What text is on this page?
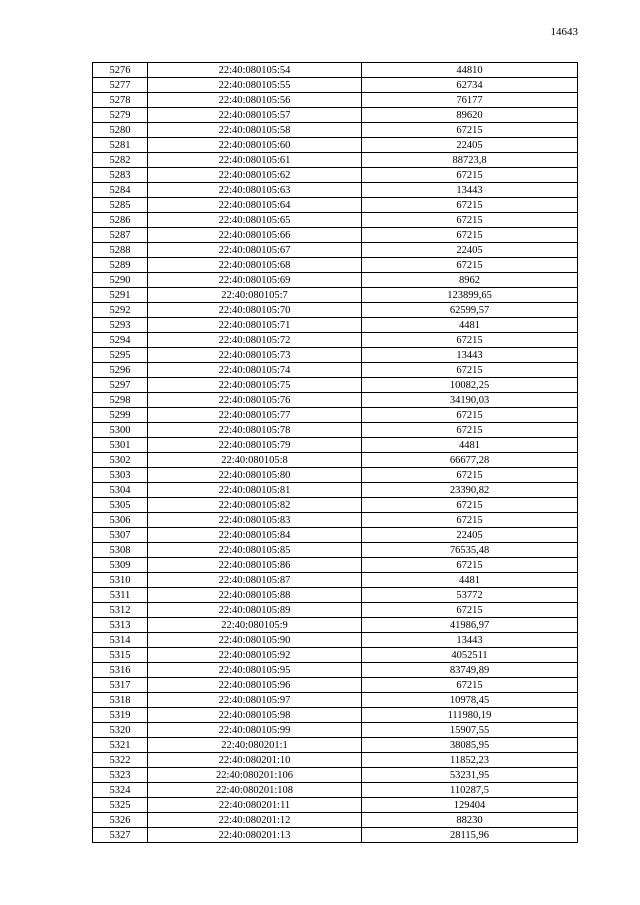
14643
5276	22:40:080105:54	44810
5277	22:40:080105:55	62734
5278	22:40:080105:56	76177
5279	22:40:080105:57	89620
5280	22:40:080105:58	67215
5281	22:40:080105:60	22405
5282	22:40:080105:61	88723,8
5283	22:40:080105:62	67215
5284	22:40:080105:63	13443
5285	22:40:080105:64	67215
5286	22:40:080105:65	67215
5287	22:40:080105:66	67215
5288	22:40:080105:67	22405
5289	22:40:080105:68	67215
5290	22:40:080105:69	8962
5291	22:40:080105:7	123899,65
5292	22:40:080105:70	62599,57
5293	22:40:080105:71	4481
5294	22:40:080105:72	67215
5295	22:40:080105:73	13443
5296	22:40:080105:74	67215
5297	22:40:080105:75	10082,25
5298	22:40:080105:76	34190,03
5299	22:40:080105:77	67215
5300	22:40:080105:78	67215
5301	22:40:080105:79	4481
5302	22:40:080105:8	66677,28
5303	22:40:080105:80	67215
5304	22:40:080105:81	23390,82
5305	22:40:080105:82	67215
5306	22:40:080105:83	67215
5307	22:40:080105:84	22405
5308	22:40:080105:85	76535,48
5309	22:40:080105:86	67215
5310	22:40:080105:87	4481
5311	22:40:080105:88	53772
5312	22:40:080105:89	67215
5313	22:40:080105:9	41986,97
5314	22:40:080105:90	13443
5315	22:40:080105:92	4052511
5316	22:40:080105:95	83749,89
5317	22:40:080105:96	67215
5318	22:40:080105:97	10978,45
5319	22:40:080105:98	111980,19
5320	22:40:080105:99	15907,55
5321	22:40:080201:1	38085,95
5322	22:40:080201:10	11852,23
5323	22:40:080201:106	53231,95
5324	22:40:080201:108	110287,5
5325	22:40:080201:11	129404
5326	22:40:080201:12	88230
5327	22:40:080201:13	28115,96
